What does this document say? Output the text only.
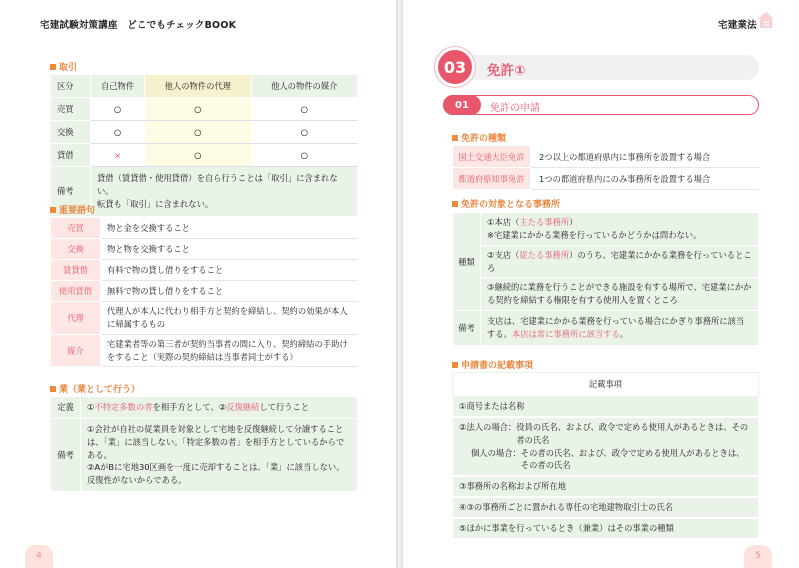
宅建試験対策講座　どこでもチェックBOOK
取引
区分	自己物件	他人の物件の代理	他人の物件の媒介
売買	○	○	○
交換	○	○	○
貸借	×	○	○
備考	貸借（賃貸借・使用貸借）を自ら行うことは「取引」に含まれない。
転貸も「取引」に含まれない。		
重要語句
売買	物と金を交換すること
交換	物と物を交換すること
賃貸借	有料で物の貸し借りをすること
使用貸借	無料で物の貸し借りをすること
代理	代理人が本人に代わり相手方と契約を締結し、契約の効果が本人に帰属するもの
媒介	宅建業者等の第三者が契約当事者の間に入り、契約締結の手助けをすること（実際の契約締結は当事者同士がする）
業（業として行う）
定義	①不特定多数の者を相手方として、②反復継続して行うこと
備考	①会社が自社の従業員を対象として宅地を反復継続して分譲することは、「業」に該当しない。「特定多数の者」を相手方としているからである。
②AがBに宅地30区画を一度に売却することは、「業」に該当しない。反復性がないからである。
4
宅建業法
03	免許①
01	免許の申請
免許の種類
国土交通大臣免許	2つ以上の都道府県内に事務所を設置する場合
都道府県知事免許	1つの都道府県内にのみ事務所を設置する場合
免許の対象となる事務所
種類	①本店（主たる事務所）
※宅建業にかかる業務を行っているかどうかは問わない。
	②支店（従たる事務所）のうち、宅建業にかかる業務を行っているところ
	③継続的に業務を行うことができる施設を有する場所で、宅建業にかかる契約を締結する権限を有する使用人を置くところ
備考	支店は、宅建業にかかる業務を行っている場合にかぎり事務所に該当する。本店は常に事務所に該当する。
申請書の記載事項
記載事項
①商号または名称

②法人の場合： 役員の氏名、および、政令で定める使用人があるときは、その者の氏名
個人の場合： その者の氏名、および、政令で定める使用人があるときは、その者の氏名

③事務所の名称および所在地
④③の事務所ごとに置かれる専任の宅地建物取引士の氏名
⑤ほかに事業を行っているとき（兼業）はその事業の種類
5
